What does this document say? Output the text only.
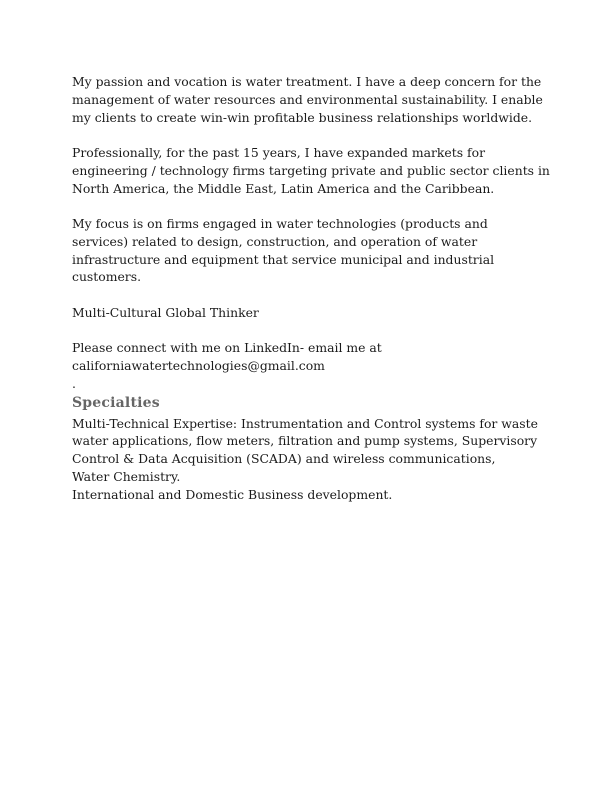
My passion and vocation is water treatment. I have a deep concern for the
management of water resources and environmental sustainability. I enable
my clients to create win-win profitable business relationships worldwide.
Professionally, for the past 15 years, I have expanded markets for
engineering / technology firms targeting private and public sector clients in
North America, the Middle East, Latin America and the Caribbean.
My focus is on firms engaged in water technologies (products and
services) related to design, construction, and operation of water
infrastructure and equipment that service municipal and industrial
customers.
Multi-Cultural Global Thinker
Please connect with me on LinkedIn- email me at
californiawatertechnologies@gmail.com
.
Specialties
Multi-Technical Expertise: Instrumentation and Control systems for waste
water applications, flow meters, filtration and pump systems, Supervisory
Control & Data Acquisition (SCADA) and wireless communications,
Water Chemistry.
International and Domestic Business development.
